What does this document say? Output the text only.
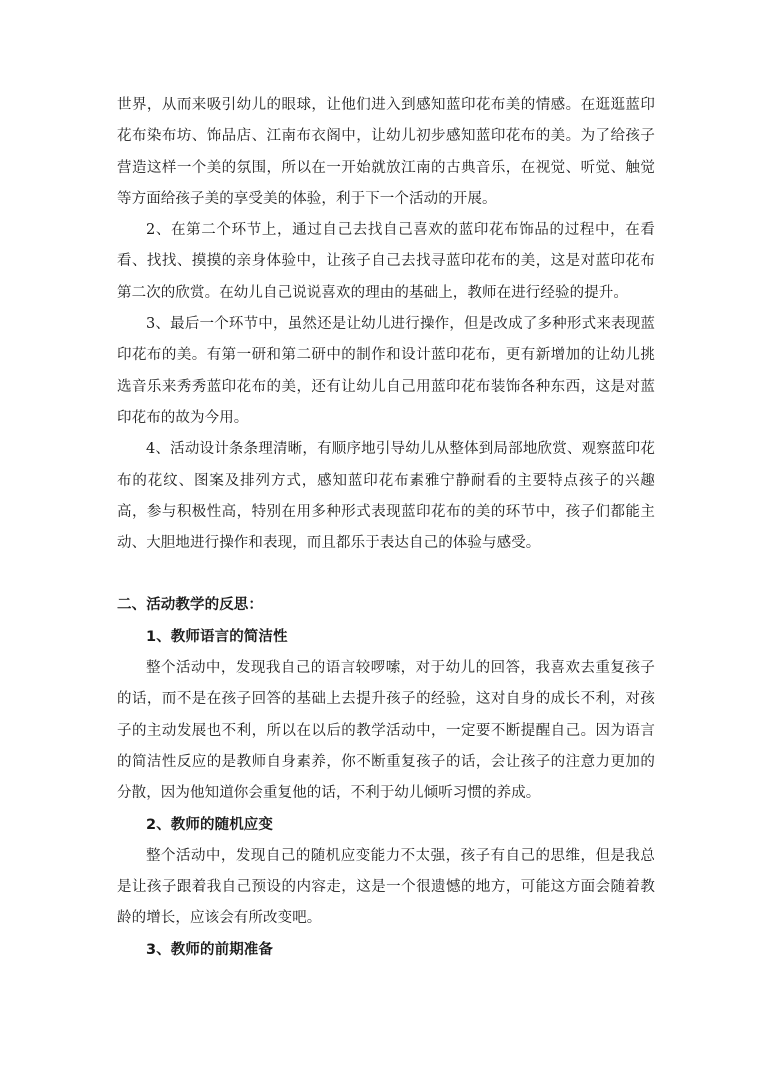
世界，从而来吸引幼儿的眼球，让他们进入到感知蓝印花布美的情感。在逛逛蓝印花布染布坊、饰品店、江南布衣阁中，让幼儿初步感知蓝印花布的美。为了给孩子营造这样一个美的氛围，所以在一开始就放江南的古典音乐，在视觉、听觉、触觉等方面给孩子美的享受美的体验，利于下一个活动的开展。

2、在第二个环节上，通过自己去找自己喜欢的蓝印花布饰品的过程中，在看看、找找、摸摸的亲身体验中，让孩子自己去找寻蓝印花布的美，这是对蓝印花布第二次的欣赏。在幼儿自己说说喜欢的理由的基础上，教师在进行经验的提升。

3、最后一个环节中，虽然还是让幼儿进行操作，但是改成了多种形式来表现蓝印花布的美。有第一研和第二研中的制作和设计蓝印花布，更有新增加的让幼儿挑选音乐来秀秀蓝印花布的美，还有让幼儿自己用蓝印花布装饰各种东西，这是对蓝印花布的故为今用。

4、活动设计条条理清晰，有顺序地引导幼儿从整体到局部地欣赏、观察蓝印花布的花纹、图案及排列方式，感知蓝印花布素雅宁静耐看的主要特点孩子的兴趣高，参与积极性高，特别在用多种形式表现蓝印花布的美的环节中，孩子们都能主动、大胆地进行操作和表现，而且都乐于表达自己的体验与感受。

二、活动教学的反思：

1、教师语言的简洁性

整个活动中，发现我自己的语言较啰嗦，对于幼儿的回答，我喜欢去重复孩子的话，而不是在孩子回答的基础上去提升孩子的经验，这对自身的成长不利，对孩子的主动发展也不利，所以在以后的教学活动中，一定要不断提醒自己。因为语言的简洁性反应的是教师自身素养，你不断重复孩子的话，会让孩子的注意力更加的分散，因为他知道你会重复他的话，不利于幼儿倾听习惯的养成。

2、教师的随机应变

整个活动中，发现自己的随机应变能力不太强，孩子有自己的思维，但是我总是让孩子跟着我自己预设的内容走，这是一个很遗憾的地方，可能这方面会随着教龄的增长，应该会有所改变吧。

3、教师的前期准备
